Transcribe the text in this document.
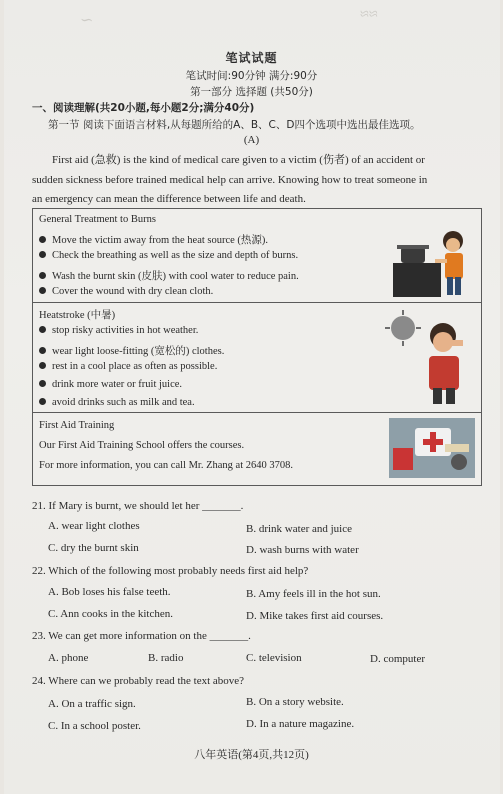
≈≈
∼
笔试试题
笔试时间:90分钟 满分:90分
第一部分 选择题 (共50分)
一、阅读理解(共20小题,每小题2分;满分40分)
第一节 阅读下面语言材料,从每题所给的A、B、C、D四个选项中选出最佳选项。
(A)
First aid (急救) is the kind of medical care given to a victim (伤者) of an accident or
sudden sickness before trained medical help can arrive. Knowing how to treat someone in
an emergency can mean the difference between life and death.
General Treatment to Burns
Move the victim away from the heat source (热源).
Check the breathing as well as the size and depth of burns.
Wash the burnt skin (皮肤) with cool water to reduce pain.
Cover the wound with dry clean cloth.
Heatstroke (中暑)
stop risky activities in hot weather.
wear light loose-fitting (宽松的) clothes.
rest in a cool place as often as possible.
drink more water or fruit juice.
avoid drinks such as milk and tea.
First Aid Training
Our First Aid Training School offers the courses.
For more information, you can call Mr. Zhang at 2640 3708.
21. If Mary is burnt, we should let her _______.
A. wear light clothes	B. drink water and juice
C. dry the burnt skin	D. wash burns with water
22. Which of the following most probably needs first aid help?
A. Bob loses his false teeth.	B. Amy feels ill in the hot sun.
C. Ann cooks in the kitchen.	D. Mike takes first aid courses.
23. We can get more information on the _______.
A. phone	B. radio	C. television	D. computer
24. Where can we probably read the text above?
A. On a traffic sign.	B. On a story website.
C. In a school poster.	D. In a nature magazine.
八年英语(第4页,共12页)
